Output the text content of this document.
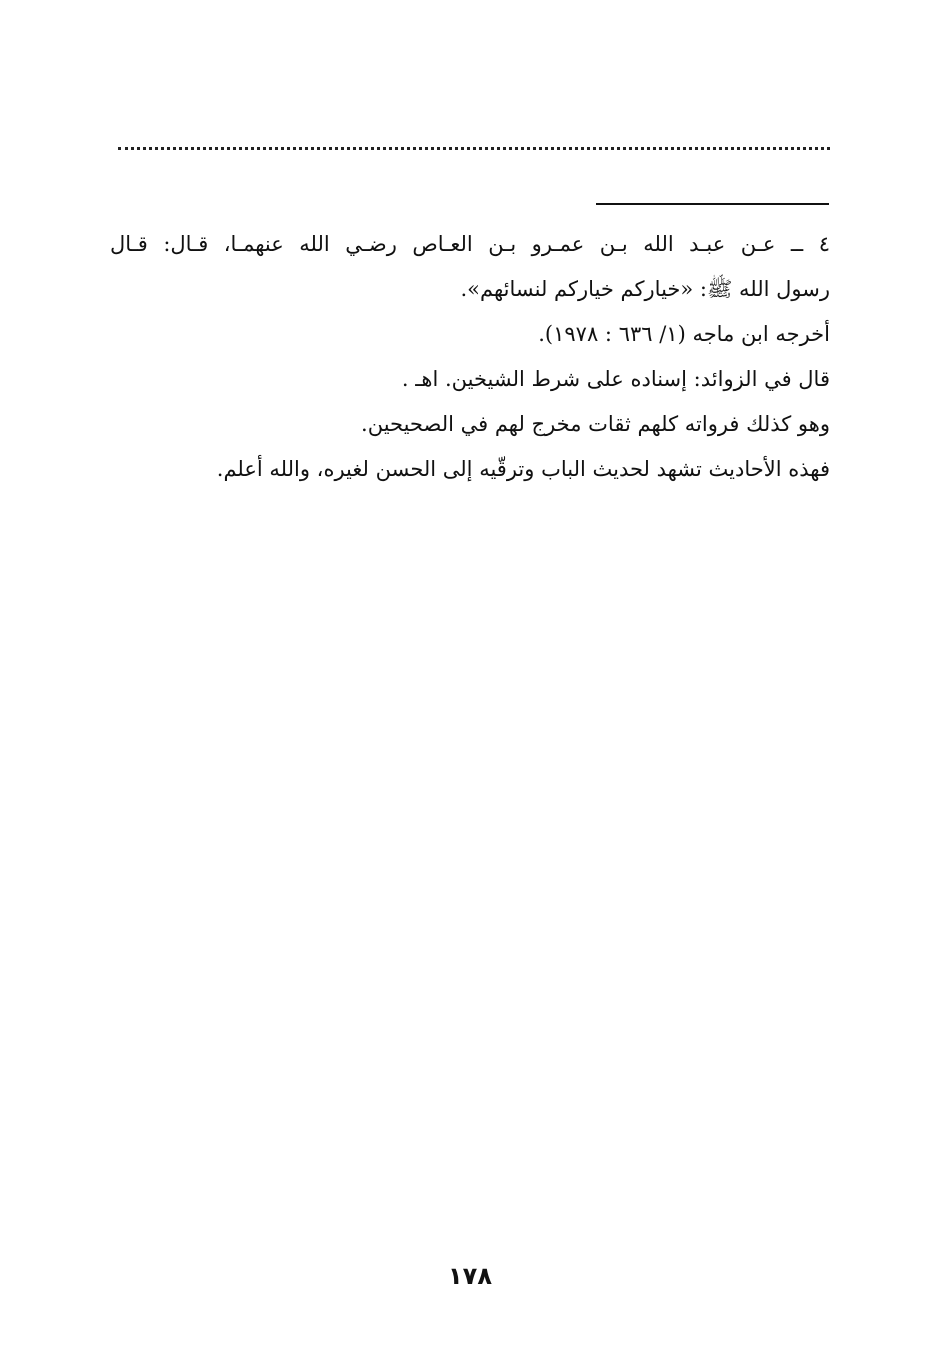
٤ ــ عـن عبـد الله بـن عمـرو بـن العـاص رضـي الله عنهمـا، قـال: قـال

رسول الله ﷺ: «خياركم خياركم لنسائهم».

أخرجه ابن ماجه (١/ ٦٣٦ : ١٩٧٨).

قال في الزوائد: إسناده على شرط الشيخين. اهـ .

وهو كذلك فرواته كلهم ثقات مخرج لهم في الصحيحين.

فهذه الأحاديث تشهد لحديث الباب وترقّيه إلى الحسن لغيره، والله أعلم.

١٧٨
